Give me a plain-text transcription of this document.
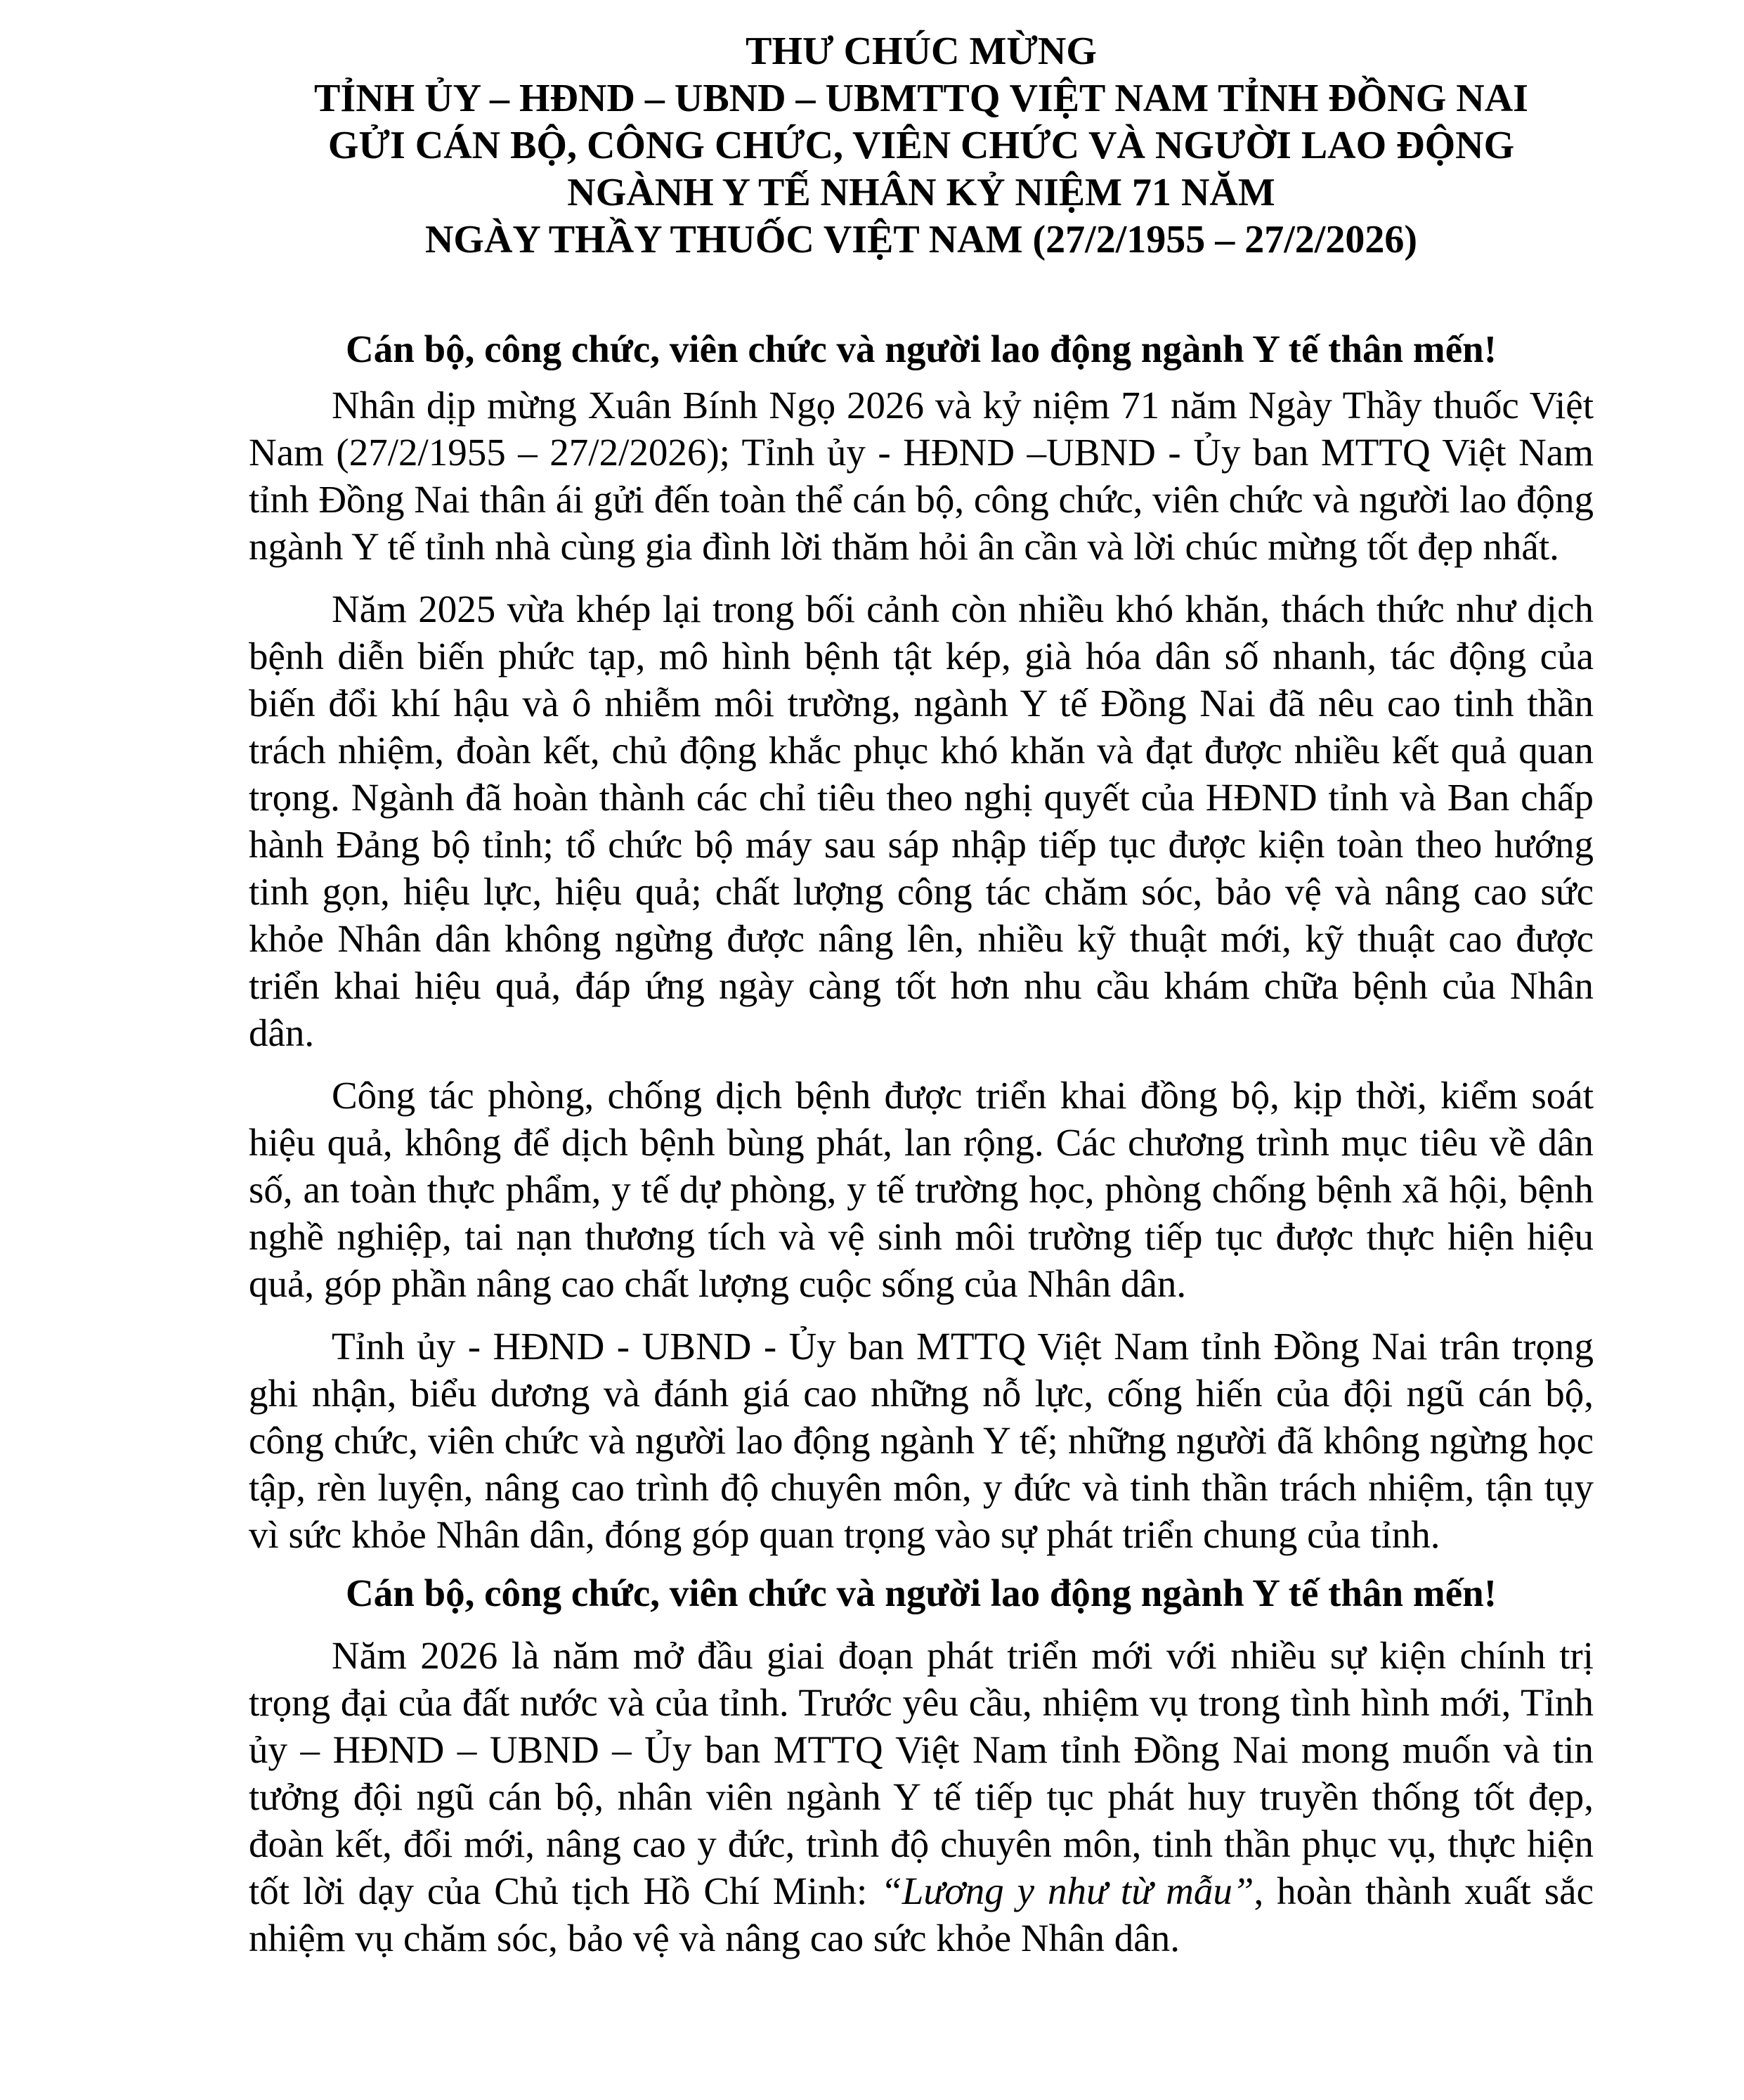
THƯ CHÚC MỪNG
TỈNH ỦY – HĐND – UBND – UBMTTQ VIỆT NAM TỈNH ĐỒNG NAI
GỬI CÁN BỘ, CÔNG CHỨC, VIÊN CHỨC VÀ NGƯỜI LAO ĐỘNG
NGÀNH Y TẾ NHÂN KỶ NIỆM 71 NĂM
NGÀY THẦY THUỐC VIỆT NAM (27/2/1955 – 27/2/2026)

Cán bộ, công chức, viên chức và người lao động ngành Y tế thân mến!

Nhân dịp mừng Xuân Bính Ngọ 2026 và kỷ niệm 71 năm Ngày Thầy thuốc Việt Nam (27/2/1955 – 27/2/2026); Tỉnh ủy - HĐND –UBND - Ủy ban MTTQ Việt Nam tỉnh Đồng Nai thân ái gửi đến toàn thể cán bộ, công chức, viên chức và người lao động ngành Y tế tỉnh nhà cùng gia đình lời thăm hỏi ân cần và lời chúc mừng tốt đẹp nhất.

Năm 2025 vừa khép lại trong bối cảnh còn nhiều khó khăn, thách thức như dịch bệnh diễn biến phức tạp, mô hình bệnh tật kép, già hóa dân số nhanh, tác động của biến đổi khí hậu và ô nhiễm môi trường, ngành Y tế Đồng Nai đã nêu cao tinh thần trách nhiệm, đoàn kết, chủ động khắc phục khó khăn và đạt được nhiều kết quả quan trọng. Ngành đã hoàn thành các chỉ tiêu theo nghị quyết của HĐND tỉnh và Ban chấp hành Đảng bộ tỉnh; tổ chức bộ máy sau sáp nhập tiếp tục được kiện toàn theo hướng tinh gọn, hiệu lực, hiệu quả; chất lượng công tác chăm sóc, bảo vệ và nâng cao sức khỏe Nhân dân không ngừng được nâng lên, nhiều kỹ thuật mới, kỹ thuật cao được triển khai hiệu quả, đáp ứng ngày càng tốt hơn nhu cầu khám chữa bệnh của Nhân dân.

Công tác phòng, chống dịch bệnh được triển khai đồng bộ, kịp thời, kiểm soát hiệu quả, không để dịch bệnh bùng phát, lan rộng. Các chương trình mục tiêu về dân số, an toàn thực phẩm, y tế dự phòng, y tế trường học, phòng chống bệnh xã hội, bệnh nghề nghiệp, tai nạn thương tích và vệ sinh môi trường tiếp tục được thực hiện hiệu quả, góp phần nâng cao chất lượng cuộc sống của Nhân dân.

Tỉnh ủy - HĐND - UBND - Ủy ban MTTQ Việt Nam tỉnh Đồng Nai trân trọng ghi nhận, biểu dương và đánh giá cao những nỗ lực, cống hiến của đội ngũ cán bộ, công chức, viên chức và người lao động ngành Y tế; những người đã không ngừng học tập, rèn luyện, nâng cao trình độ chuyên môn, y đức và tinh thần trách nhiệm, tận tụy vì sức khỏe Nhân dân, đóng góp quan trọng vào sự phát triển chung của tỉnh.

Cán bộ, công chức, viên chức và người lao động ngành Y tế thân mến!

Năm 2026 là năm mở đầu giai đoạn phát triển mới với nhiều sự kiện chính trị trọng đại của đất nước và của tỉnh. Trước yêu cầu, nhiệm vụ trong tình hình mới, Tỉnh ủy – HĐND – UBND – Ủy ban MTTQ Việt Nam tỉnh Đồng Nai mong muốn và tin tưởng đội ngũ cán bộ, nhân viên ngành Y tế tiếp tục phát huy truyền thống tốt đẹp, đoàn kết, đổi mới, nâng cao y đức, trình độ chuyên môn, tinh thần phục vụ, thực hiện tốt lời dạy của Chủ tịch Hồ Chí Minh: “Lương y như từ mẫu”, hoàn thành xuất sắc nhiệm vụ chăm sóc, bảo vệ và nâng cao sức khỏe Nhân dân.
